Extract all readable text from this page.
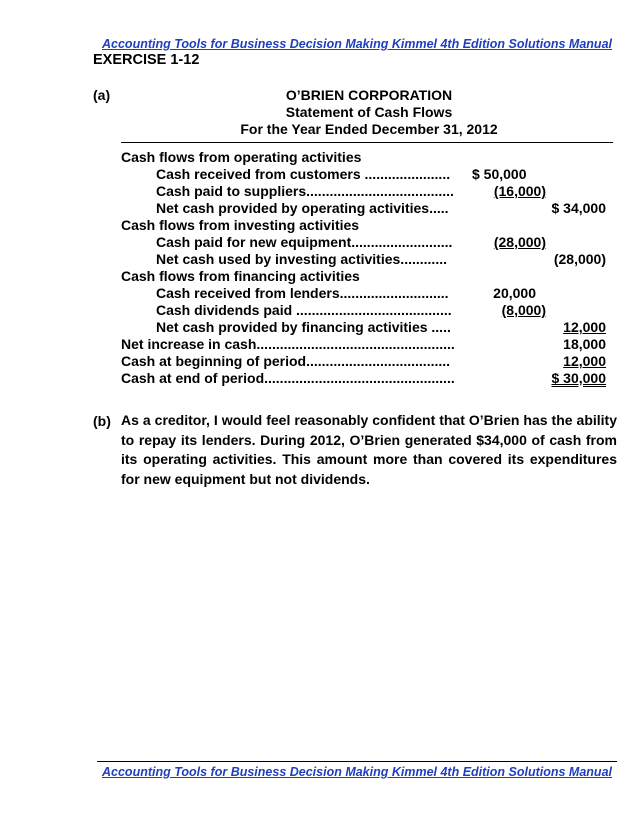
Accounting Tools for Business Decision Making Kimmel 4th Edition Solutions Manual
EXERCISE 1-12
(a)	O’BRIEN CORPORATION
Statement of Cash Flows
For the Year Ended December 31, 2012
Cash flows from operating activities
Cash received from customers ...................... $ 50,000
Cash paid to suppliers......................................	(16,000)
Net cash provided by operating activities.....	$ 34,000
Cash flows from investing activities
Cash paid for new equipment..........................	(28,000)
Net cash used by investing activities............	(28,000)
Cash flows from financing activities
Cash received from lenders............................	20,000
Cash dividends paid ........................................	(8,000)
Net cash provided by financing activities .....	12,000
Net increase in cash...................................................	18,000
Cash at beginning of period.....................................	12,000
Cash at end of period.................................................	$ 30,000
(b) As a creditor, I would feel reasonably confident that O’Brien has the ability to repay its lenders. During 2012, O’Brien generated $34,000 of cash from its operating activities. This amount more than covered its expenditures for new equipment but not dividends.
Accounting Tools for Business Decision Making Kimmel 4th Edition Solutions Manual
